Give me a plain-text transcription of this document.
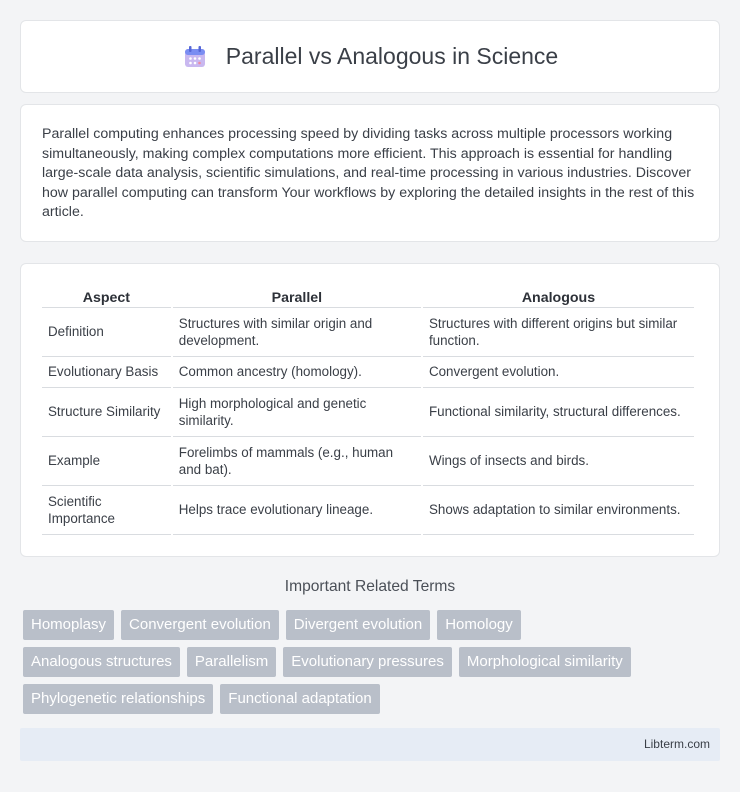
Parallel vs Analogous in Science

Parallel computing enhances processing speed by dividing tasks across multiple processors working simultaneously, making complex computations more efficient. This approach is essential for handling large-scale data analysis, scientific simulations, and real-time processing in various industries. Discover how parallel computing can transform Your workflows by exploring the detailed insights in the rest of this article.

Aspect	Parallel	Analogous
Definition	Structures with similar origin and development.	Structures with different origins but similar function.
Evolutionary Basis	Common ancestry (homology).	Convergent evolution.
Structure Similarity	High morphological and genetic similarity.	Functional similarity, structural differences.
Example	Forelimbs of mammals (e.g., human and bat).	Wings of insects and birds.
Scientific Importance	Helps trace evolutionary lineage.	Shows adaptation to similar environments.
Important Related Terms
Homoplasy	Convergent evolution	Divergent evolution	Homology
Analogous structures	Parallelism	Evolutionary pressures	Morphological similarity
Phylogenetic relationships	Functional adaptation
Libterm.com
